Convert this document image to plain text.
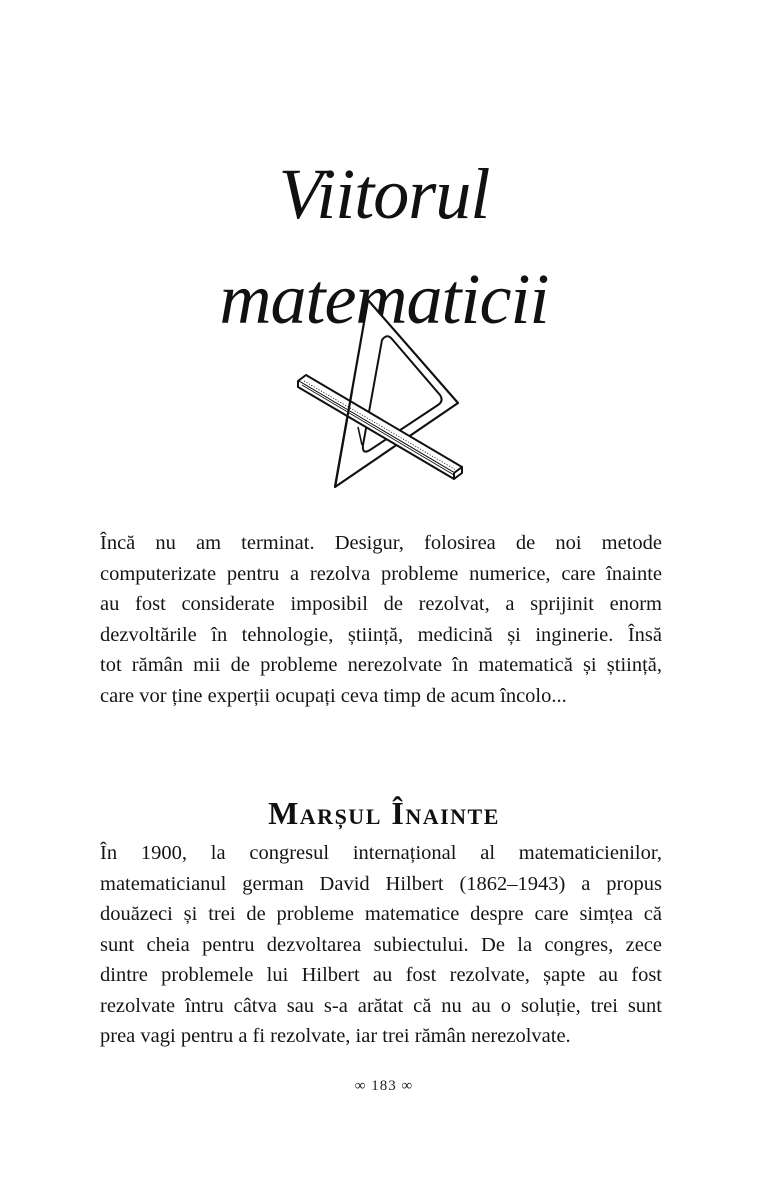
Viitorul
matematicii
Încă nu am terminat. Desigur, folosirea de noi metode
computerizate pentru a rezolva probleme numerice, care înainte
au fost considerate imposibil de rezolvat, a sprijinit enorm
dezvoltările în tehnologie, știință, medicină și inginerie. Însă
tot rămân mii de probleme nerezolvate în matematică și știință,
care vor ține experții ocupați ceva timp de acum încolo...
Marșul Înainte
În 1900, la congresul internațional al matematicienilor,
matematicianul german David Hilbert (1862–1943) a propus
douăzeci și trei de probleme matematice despre care simțea că
sunt cheia pentru dezvoltarea subiectului. De la congres, zece
dintre problemele lui Hilbert au fost rezolvate, șapte au fost
rezolvate întru câtva sau s-a arătat că nu au o soluție, trei sunt
prea vagi pentru a fi rezolvate, iar trei rămân nerezolvate.
∞ 183 ∞
